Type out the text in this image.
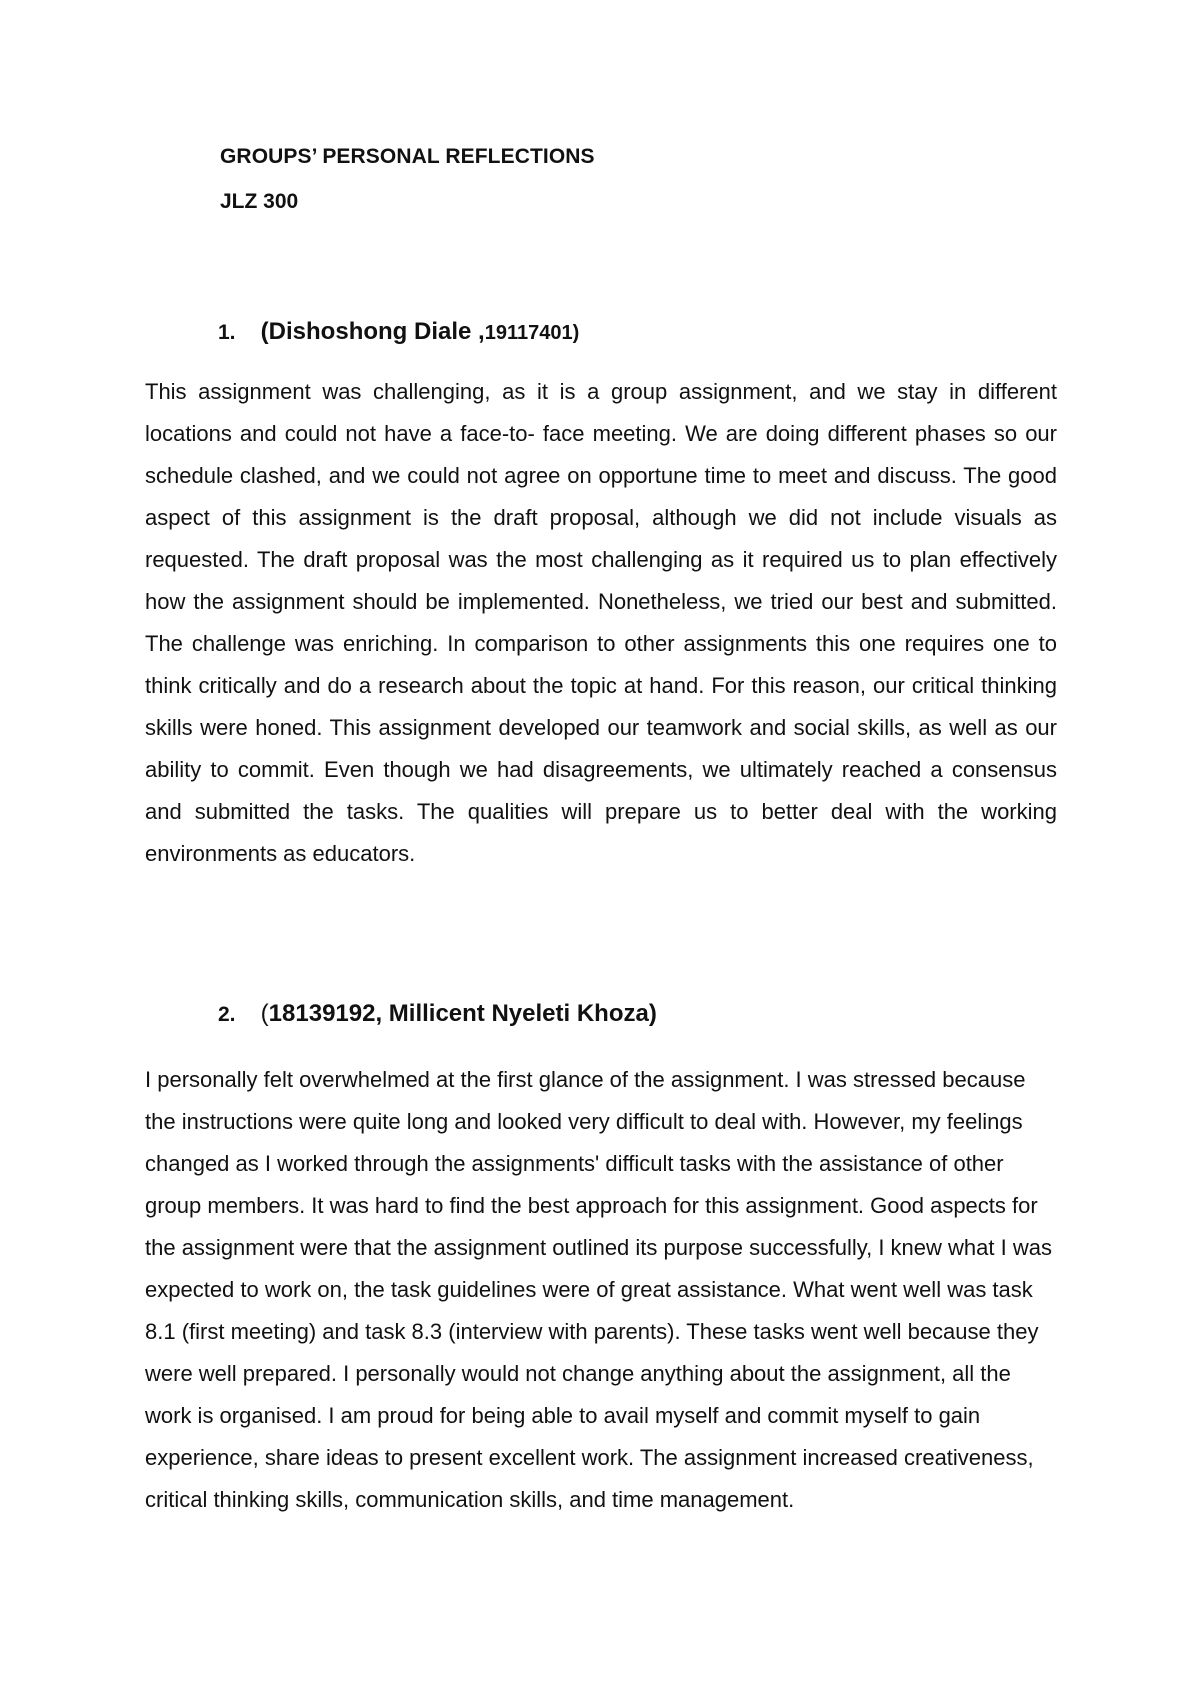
GROUPS’ PERSONAL REFLECTIONS
JLZ 300
1. (Dishoshong Diale ,19117401)

This assignment was challenging, as it is a group assignment, and we stay in different locations and could not have a face-to- face meeting. We are doing different phases so our schedule clashed, and we could not agree on opportune time to meet and discuss. The good aspect of this assignment is the draft proposal, although we did not include visuals as requested. The draft proposal was the most challenging as it required us to plan effectively how the assignment should be implemented. Nonetheless, we tried our best and submitted. The challenge was enriching. In comparison to other assignments this one requires one to think critically and do a research about the topic at hand. For this reason, our critical thinking skills were honed. This assignment developed our teamwork and social skills, as well as our ability to commit. Even though we had disagreements, we ultimately reached a consensus and submitted the tasks. The qualities will prepare us to better deal with the working environments as educators.

2. (18139192, Millicent Nyeleti Khoza)

I personally felt overwhelmed at the first glance of the assignment. I was stressed because the instructions were quite long and looked very difficult to deal with. However, my feelings changed as I worked through the assignments' difficult tasks with the assistance of other group members. It was hard to find the best approach for this assignment. Good aspects for the assignment were that the assignment outlined its purpose successfully, I knew what I was expected to work on, the task guidelines were of great assistance. What went well was task 8.1 (first meeting) and task 8.3 (interview with parents). These tasks went well because they were well prepared. I personally would not change anything about the assignment, all the work is organised. I am proud for being able to avail myself and commit myself to gain experience, share ideas to present excellent work. The assignment increased creativeness, critical thinking skills, communication skills, and time management.
